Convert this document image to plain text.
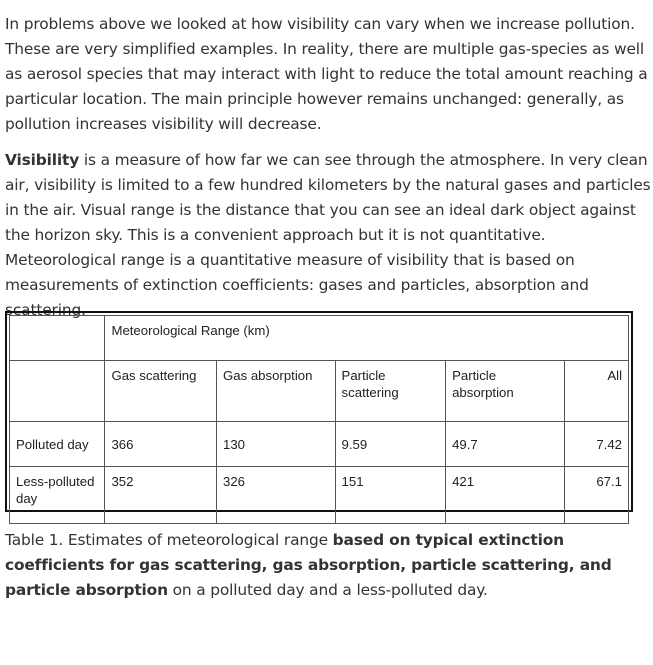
In problems above we looked at how visibility can vary when we increase pollution. These are very simplified examples. In reality, there are multiple gas-species as well as aerosol species that may interact with light to reduce the total amount reaching a particular location. The main principle however remains unchanged: generally, as pollution increases visibility will decrease.

Visibility is a measure of how far we can see through the atmosphere. In very clean air, visibility is limited to a few hundred kilometers by the natural gases and particles in the air. Visual range is the distance that you can see an ideal dark object against the horizon sky. This is a convenient approach but it is not quantitative. Meteorological range is a quantitative measure of visibility that is based on measurements of extinction coefficients: gases and particles, absorption and scattering.

	Meteorological Range (km)				
	Gas scattering	Gas absorption	Particle scattering	Particle absorption	All
Polluted day	366	130	9.59	49.7	7.42
Less-polluted day	352	326	151	421	67.1

Table 1. Estimates of meteorological range based on typical extinction coefficients for gas scattering, gas absorption, particle scattering, and particle absorption on a polluted day and a less-polluted day.
